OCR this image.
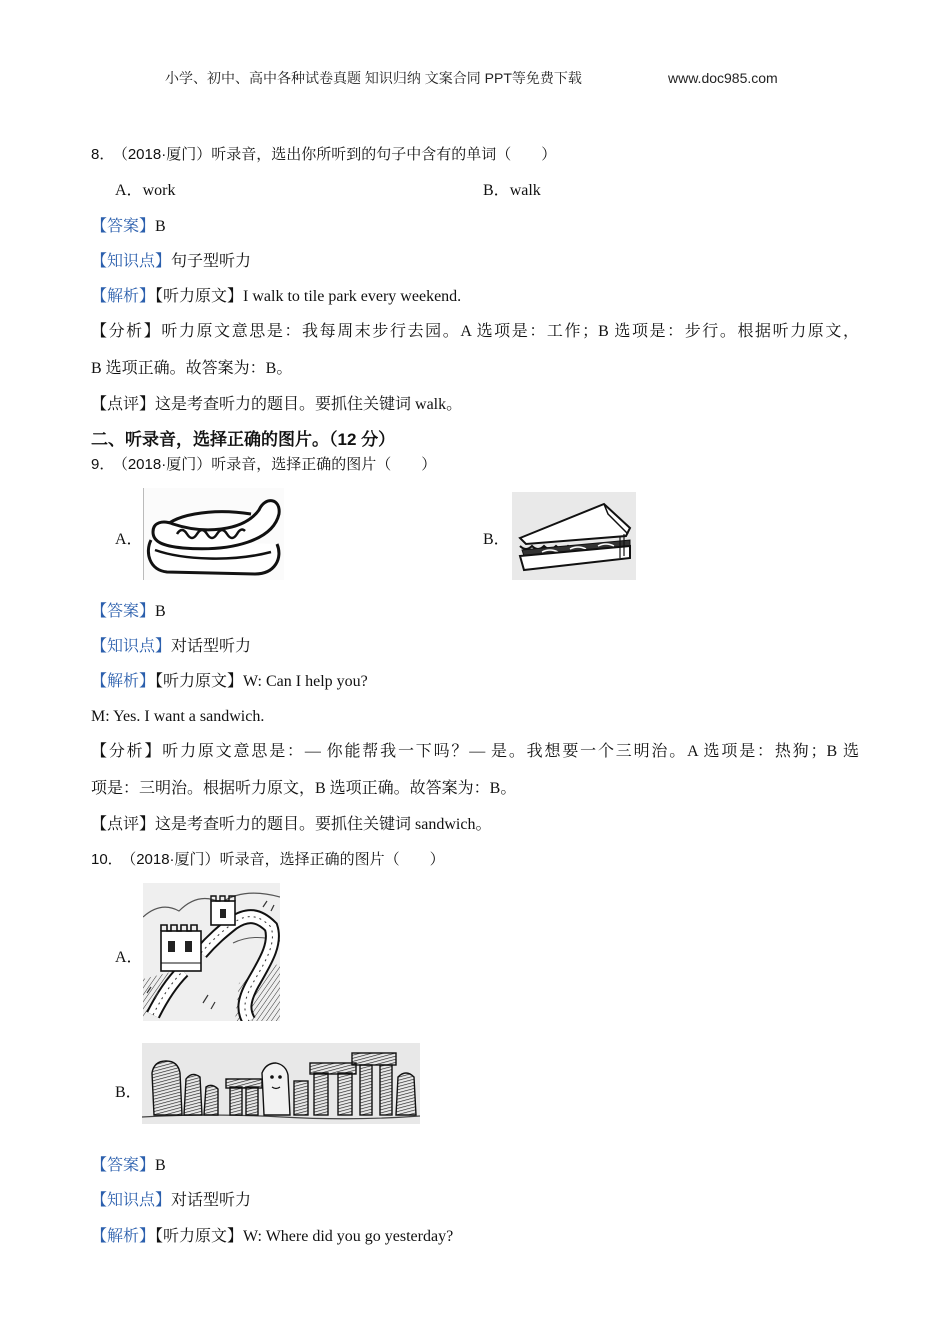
小学、初中、高中各种试卷真题 知识归纳 文案合同 PPT等免费下载	www.doc985.com
8． （2018·厦门）听录音，选出你所听到的句子中含有的单词（　　）
A．work	B．walk
【答案】B
【知识点】句子型听力
【解析】【听力原文】I walk to tile park every weekend.
【分析】听力原文意思是：我每周末步行去园。A 选项是：工作；B 选项是：步行。根据听力原文，
B 选项正确。故答案为：B。
【点评】这是考查听力的题目。要抓住关键词 walk。
二、听录音，选择正确的图片。（12 分）
9． （2018·厦门）听录音，选择正确的图片（　　）
A．	B．
【答案】B
【知识点】对话型听力
【解析】【听力原文】W: Can I help you?
M: Yes. I want a sandwich.
【分析】听力原文意思是：— 你能帮我一下吗？— 是。我想要一个三明治。A 选项是：热狗；B 选
项是：三明治。根据听力原文，B 选项正确。故答案为：B。
【点评】这是考查听力的题目。要抓住关键词 sandwich。
10． （2018·厦门）听录音，选择正确的图片（　　）
A．
B．
【答案】B
【知识点】对话型听力
【解析】【听力原文】W: Where did you go yesterday?
